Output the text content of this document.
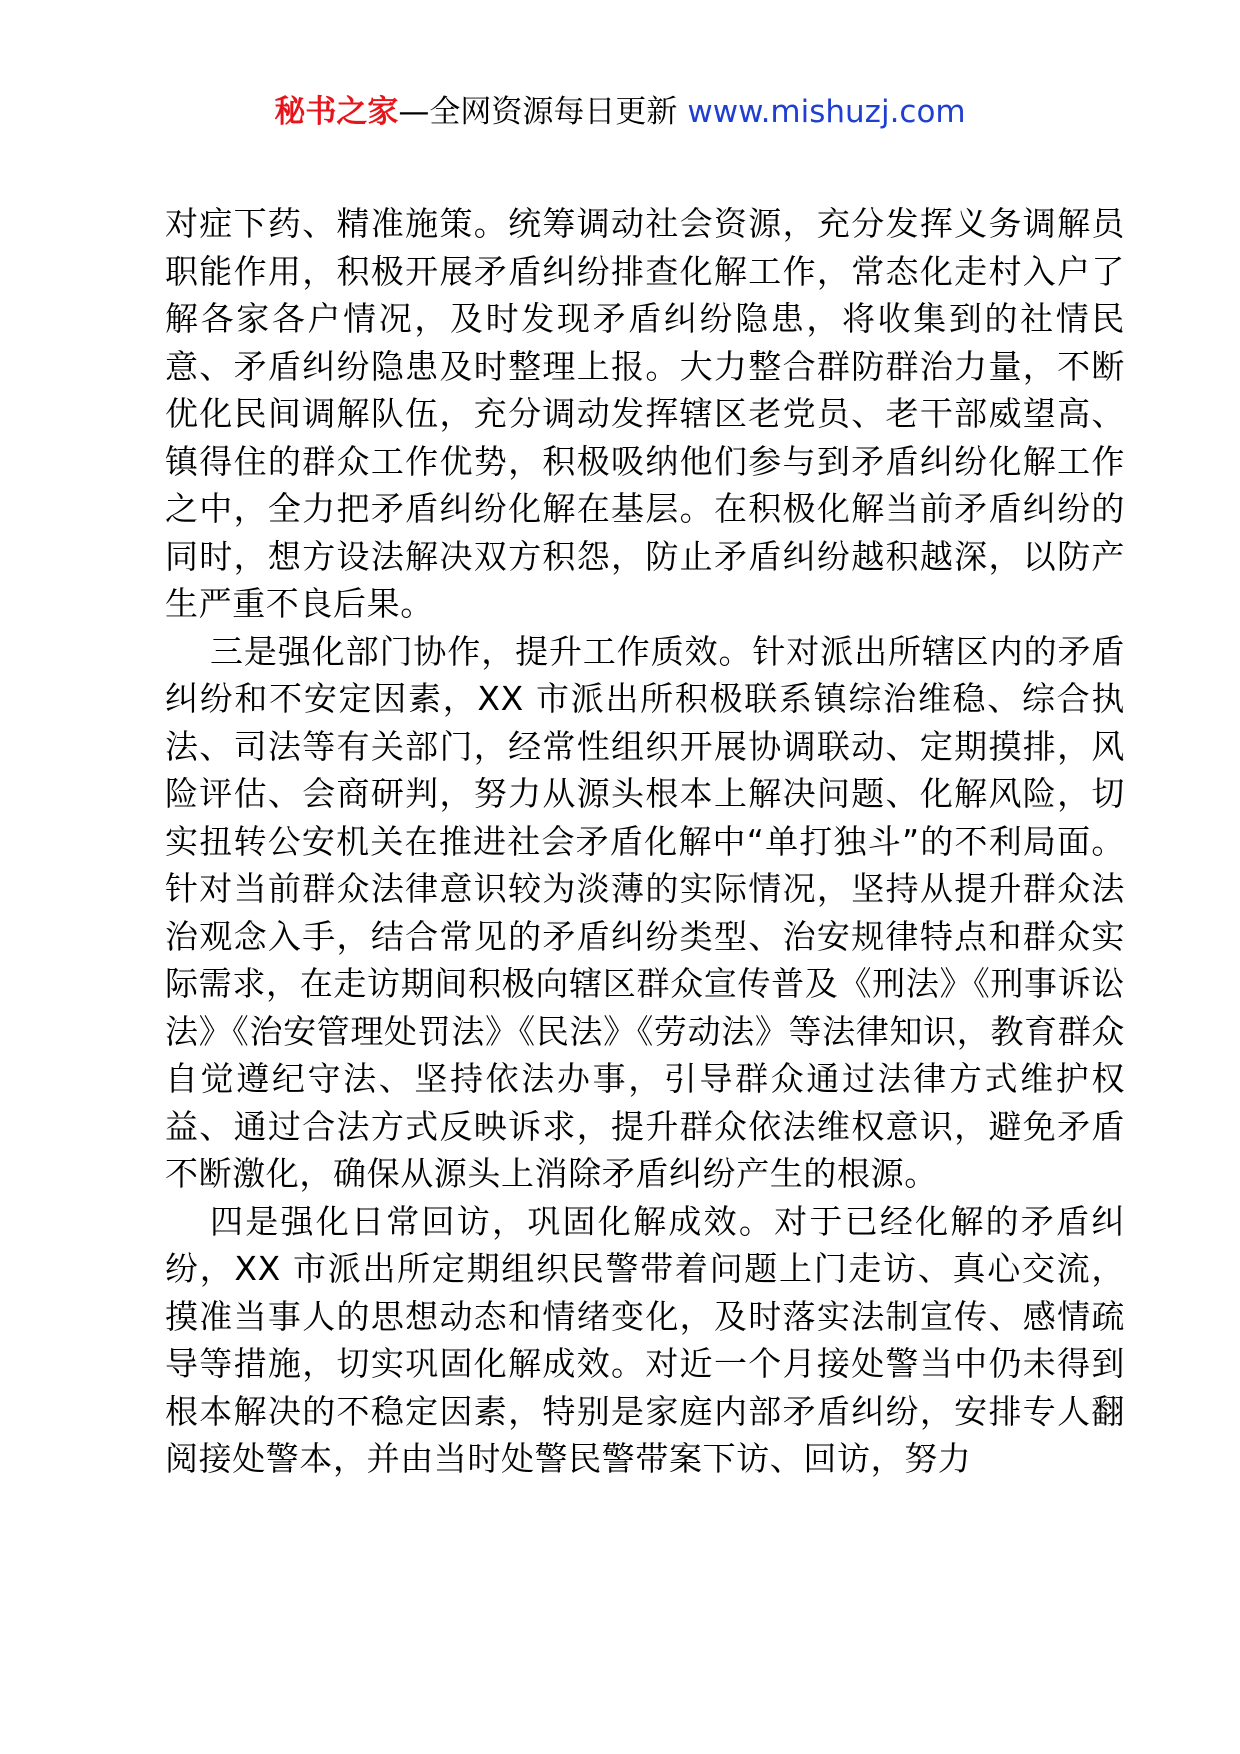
秘书之家—全网资源每日更新 www.mishuzj.com

对症下药、精准施策。统筹调动社会资源，充分发挥义务调解员职能作用，积极开展矛盾纠纷排查化解工作，常态化走村入户了解各家各户情况，及时发现矛盾纠纷隐患，将收集到的社情民意、矛盾纠纷隐患及时整理上报。大力整合群防群治力量，不断优化民间调解队伍，充分调动发挥辖区老党员、老干部威望高、镇得住的群众工作优势，积极吸纳他们参与到矛盾纠纷化解工作之中，全力把矛盾纠纷化解在基层。在积极化解当前矛盾纠纷的同时，想方设法解决双方积怨，防止矛盾纠纷越积越深，以防产生严重不良后果。

三是强化部门协作，提升工作质效。针对派出所辖区内的矛盾纠纷和不安定因素，XX 市派出所积极联系镇综治维稳、综合执法、司法等有关部门，经常性组织开展协调联动、定期摸排，风险评估、会商研判，努力从源头根本上解决问题、化解风险，切实扭转公安机关在推进社会矛盾化解中“单打独斗”的不利局面。针对当前群众法律意识较为淡薄的实际情况，坚持从提升群众法治观念入手，结合常见的矛盾纠纷类型、治安规律特点和群众实际需求，在走访期间积极向辖区群众宣传普及《刑法》《刑事诉讼法》《治安管理处罚法》《民法》《劳动法》等法律知识，教育群众自觉遵纪守法、坚持依法办事，引导群众通过法律方式维护权益、通过合法方式反映诉求，提升群众依法维权意识，避免矛盾不断激化，确保从源头上消除矛盾纠纷产生的根源。

四是强化日常回访，巩固化解成效。对于已经化解的矛盾纠纷，XX 市派出所定期组织民警带着问题上门走访、真心交流，摸准当事人的思想动态和情绪变化，及时落实法制宣传、感情疏导等措施，切实巩固化解成效。对近一个月接处警当中仍未得到根本解决的不稳定因素，特别是家庭内部矛盾纠纷，安排专人翻阅接处警本，并由当时处警民警带案下访、回访，努力
